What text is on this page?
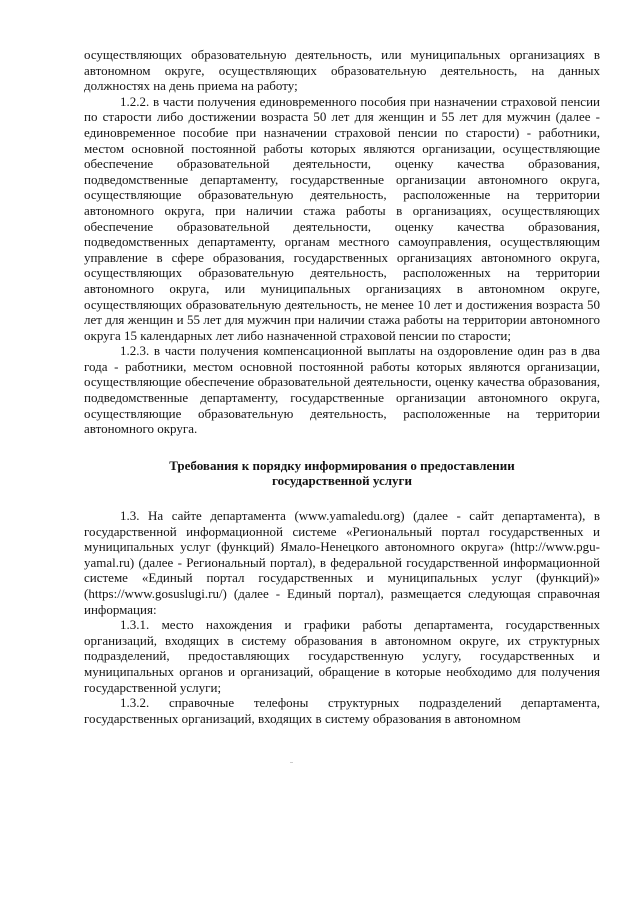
осуществляющих образовательную деятельность, или муниципальных организациях в автономном округе, осуществляющих образовательную деятельность, на данных должностях на день приема на работу;

1.2.2. в части получения единовременного пособия при назначении страховой пенсии по старости либо достижении возраста 50 лет для женщин и 55 лет для мужчин (далее - единовременное пособие при назначении страховой пенсии по старости) - работники, местом основной постоянной работы которых являются организации, осуществляющие обеспечение образовательной деятельности, оценку качества образования, подведомственные департаменту, государственные организации автономного округа, осуществляющие образовательную деятельность, расположенные на территории автономного округа, при наличии стажа работы в организациях, осуществляющих обеспечение образовательной деятельности, оценку качества образования, подведомственных департаменту, органам местного самоуправления, осуществляющим управление в сфере образования, государственных организациях автономного округа, осуществляющих образовательную деятельность, расположенных на территории автономного округа, или муниципальных организациях в автономном округе, осуществляющих образовательную деятельность, не менее 10 лет и достижения возраста 50 лет для женщин и 55 лет для мужчин при наличии стажа работы на территории автономного округа 15 календарных лет либо назначенной страховой пенсии по старости;

1.2.3. в части получения компенсационной выплаты на оздоровление один раз в два года - работники, местом основной постоянной работы которых являются организации, осуществляющие обеспечение образовательной деятельности, оценку качества образования, подведомственные департаменту, государственные организации автономного округа, осуществляющие образовательную деятельность, расположенные на территории автономного округа.

Требования к порядку информирования о предоставлении
государственной услуги

1.3. На сайте департамента (www.yamaledu.org) (далее - сайт департамента), в государственной информационной системе «Региональный портал государственных и муниципальных услуг (функций) Ямало-Ненецкого автономного округа» (http://www.pgu-yamal.ru) (далее - Региональный портал), в федеральной государственной информационной системе «Единый портал государственных и муниципальных услуг (функций)» (https://www.gosuslugi.ru/) (далее - Единый портал), размещается следующая справочная информация:

1.3.1. место нахождения и графики работы департамента, государственных организаций, входящих в систему образования в автономном округе, их структурных подразделений, предоставляющих государственную услугу, государственных и муниципальных органов и организаций, обращение в которые необходимо для получения государственной услуги;

1.3.2. справочные телефоны структурных подразделений департамента, государственных организаций, входящих в систему образования в автономном
